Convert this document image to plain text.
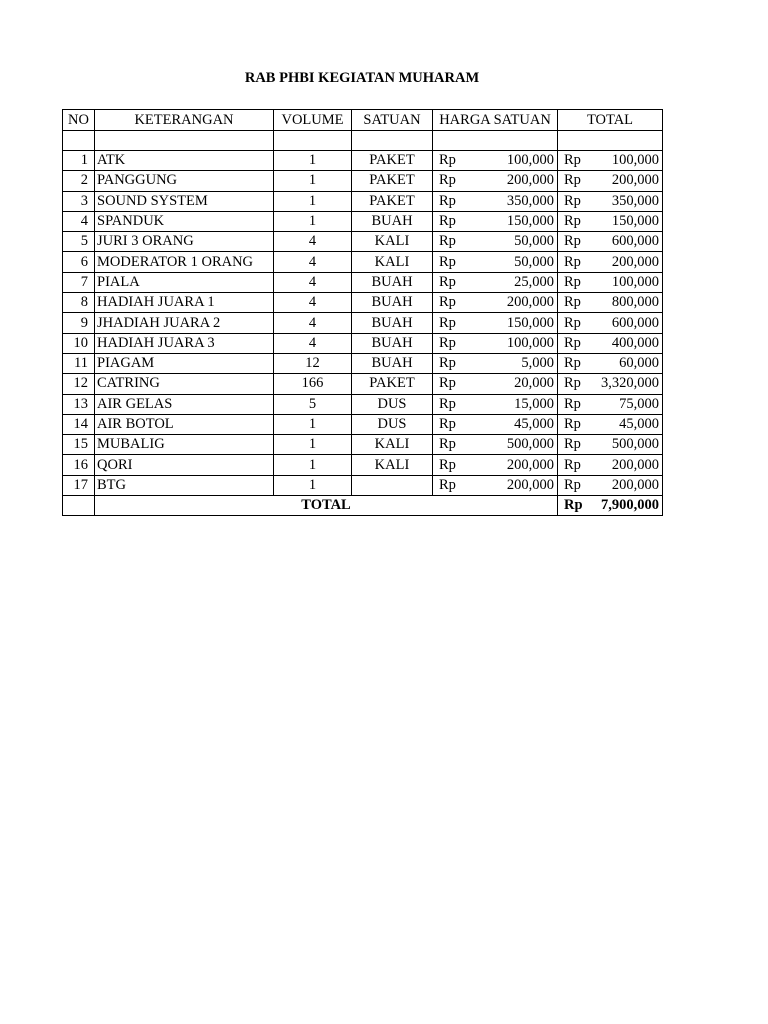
RAB PHBI KEGIATAN MUHARAM
NO	KETERANGAN	VOLUME	SATUAN	HARGA SATUAN	TOTAL

1	ATK	1	PAKET	Rp 100,000	Rp 100,000

2	PANGGUNG	1	PAKET	Rp 200,000	Rp 200,000

3	SOUND SYSTEM	1	PAKET	Rp 350,000	Rp 350,000

4	SPANDUK	1	BUAH	Rp 150,000	Rp 150,000

5	JURI 3 ORANG	4	KALI	Rp 50,000	Rp 600,000

6	MODERATOR 1 ORANG	4	KALI	Rp 50,000	Rp 200,000

7	PIALA	4	BUAH	Rp 25,000	Rp 100,000

8	HADIAH JUARA 1	4	BUAH	Rp 200,000	Rp 800,000

9	JHADIAH JUARA 2	4	BUAH	Rp 150,000	Rp 600,000

10	HADIAH JUARA 3	4	BUAH	Rp 100,000	Rp 400,000

11	PIAGAM	12	BUAH	Rp 5,000	Rp 60,000

12	CATRING	166	PAKET	Rp 20,000	Rp 3,320,000

13	AIR GELAS	5	DUS	Rp 15,000	Rp 75,000

14	AIR BOTOL	1	DUS	Rp 45,000	Rp 45,000

15	MUBALIG	1	KALI	Rp 500,000	Rp 500,000

16	QORI	1	KALI	Rp 200,000	Rp 200,000

17	BTG	1		Rp 200,000	Rp 200,000

	TOTAL				Rp 7,900,000
